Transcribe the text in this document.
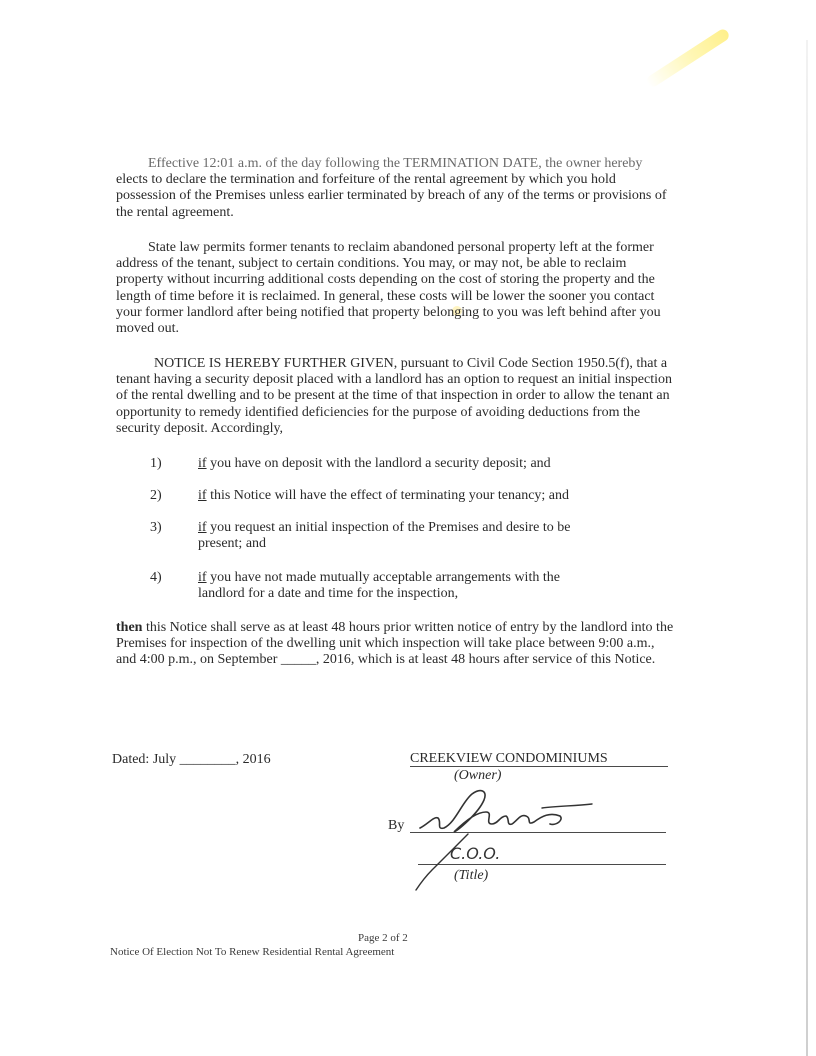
Effective 12:01 a.m. of the day following the TERMINATION DATE, the owner hereby elects to declare the termination and forfeiture of the rental agreement by which you hold possession of the Premises unless earlier terminated by breach of any of the terms or provisions of the rental agreement.

State law permits former tenants to reclaim abandoned personal property left at the former address of the tenant, subject to certain conditions. You may, or may not, be able to reclaim property without incurring additional costs depending on the cost of storing the property and the length of time before it is reclaimed. In general, these costs will be lower the sooner you contact your former landlord after being notified that property belonging to you was left behind after you moved out.

NOTICE IS HEREBY FURTHER GIVEN, pursuant to Civil Code Section 1950.5(f), that a tenant having a security deposit placed with a landlord has an option to request an initial inspection of the rental dwelling and to be present at the time of that inspection in order to allow the tenant an opportunity to remedy identified deficiencies for the purpose of avoiding deductions from the security deposit. Accordingly,

1)	if you have on deposit with the landlord a security deposit; and
2)	if this Notice will have the effect of terminating your tenancy; and
3)	if you request an initial inspection of the Premises and desire to be present; and
4)	if you have not made mutually acceptable arrangements with the landlord for a date and time for the inspection,

then this Notice shall serve as at least 48 hours prior written notice of entry by the landlord into the Premises for inspection of the dwelling unit which inspection will take place between 9:00 a.m., and 4:00 p.m., on September _____, 2016, which is at least 48 hours after service of this Notice.

Dated: July ________, 2016	CREEKVIEW CONDOMINIUMS
(Owner)
By
C.O.O.
(Title)
Page 2 of 2
Notice Of Election Not To Renew Residential Rental Agreement
